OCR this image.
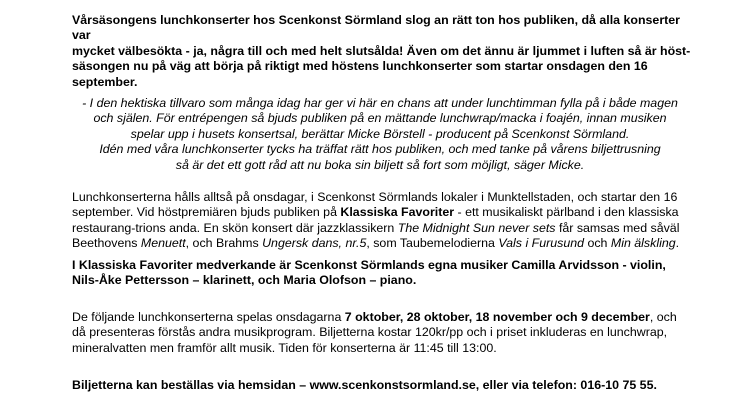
Vårsäsongens lunchkonserter hos Scenkonst Sörmland slog an rätt ton hos publiken, då alla konserter var
mycket välbesökta - ja, några till och med helt slutsålda! Även om det ännu är ljummet i luften så är höst-
säsongen nu på väg att börja på riktigt med höstens lunchkonserter som startar onsdagen den 16 september.

- I den hektiska tillvaro som många idag har ger vi här en chans att under lunchtimman fylla på i både magen
och själen. För entrépengen så bjuds publiken på en mättande lunchwrap/macka i foajén, innan musiken
spelar upp i husets konsertsal, berättar Micke Börstell - producent på Scenkonst Sörmland.
Idén med våra lunchkonserter tycks ha träffat rätt hos publiken, och med tanke på vårens biljettrusning
så är det ett gott råd att nu boka sin biljett så fort som möjligt, säger Micke.

Lunchkonserterna hålls alltså på onsdagar, i Scenkonst Sörmlands lokaler i Munktellstaden, och startar den 16
september. Vid höstpremiären bjuds publiken på Klassiska Favoriter - ett musikaliskt pärlband i den klassiska
restaurang-trions anda. En skön konsert där jazzklassikern The Midnight Sun never sets får samsas med såväl
Beethovens Menuett, och Brahms Ungersk dans, nr.5, som Taubemelodierna Vals i Furusund och Min älskling.

I Klassiska Favoriter medverkande är Scenkonst Sörmlands egna musiker Camilla Arvidsson - violin,
Nils-Åke Pettersson – klarinett, och Maria Olofson – piano.

De följande lunchkonserterna spelas onsdagarna 7 oktober, 28 oktober, 18 november och 9 december, och
då presenteras förstås andra musikprogram. Biljetterna kostar 120kr/pp och i priset inkluderas en lunchwrap,
mineralvatten men framför allt musik. Tiden för konserterna är 11:45 till 13:00.

Biljetterna kan beställas via hemsidan – www.scenkonstsormland.se, eller via telefon: 016-10 75 55.
